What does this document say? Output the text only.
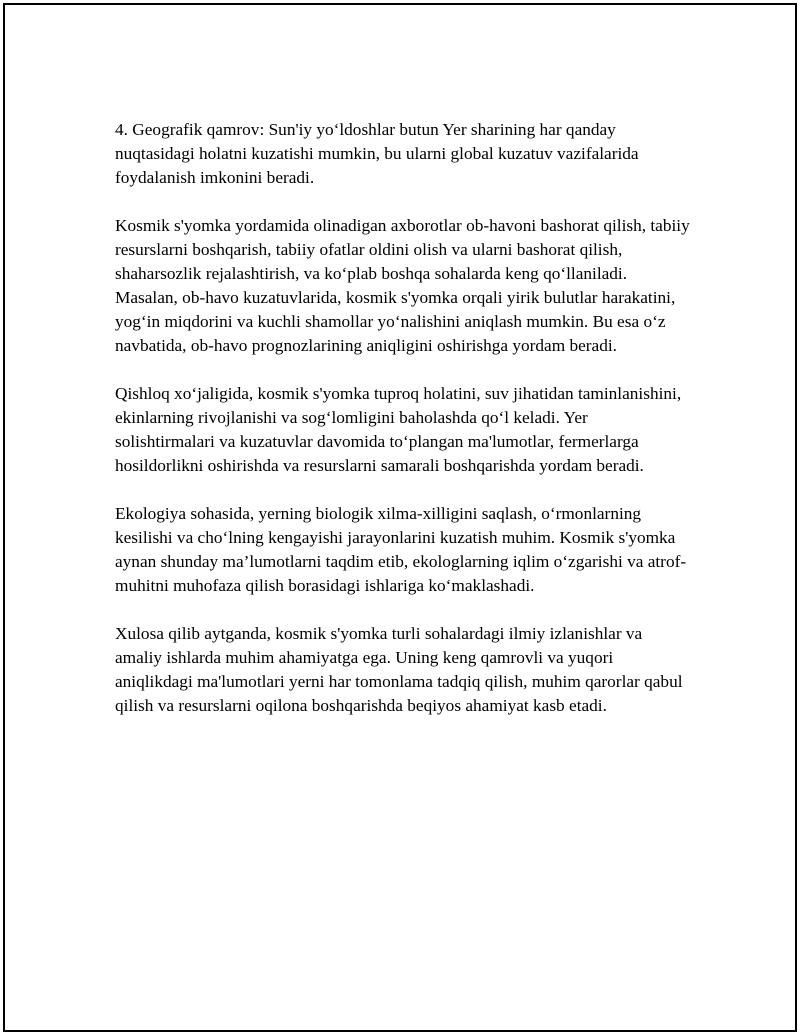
4. Geografik qamrov: Sun'iy yo‘ldoshlar butun Yer sharining har qanday nuqtasidagi holatni kuzatishi mumkin, bu ularni global kuzatuv vazifalarida foydalanish imkonini beradi.

Kosmik s'yomka yordamida olinadigan axborotlar ob-havoni bashorat qilish, tabiiy resurslarni boshqarish, tabiiy ofatlar oldini olish va ularni bashorat qilish, shaharsozlik rejalashtirish, va ko‘plab boshqa sohalarda keng qo‘llaniladi. Masalan, ob-havo kuzatuvlarida, kosmik s'yomka orqali yirik bulutlar harakatini, yog‘in miqdorini va kuchli shamollar yo‘nalishini aniqlash mumkin. Bu esa o‘z navbatida, ob-havo prognozlarining aniqligini oshirishga yordam beradi.

Qishloq xo‘jaligida, kosmik s'yomka tuproq holatini, suv jihatidan taminlanishini, ekinlarning rivojlanishi va sog‘lomligini baholashda qo‘l keladi. Yer solishtirmalari va kuzatuvlar davomida to‘plangan ma'lumotlar, fermerlarga hosildorlikni oshirishda va resurslarni samarali boshqarishda yordam beradi.

Ekologiya sohasida, yerning biologik xilma-xilligini saqlash, o‘rmonlarning kesilishi va cho‘lning kengayishi jarayonlarini kuzatish muhim. Kosmik s'yomka aynan shunday ma’lumotlarni taqdim etib, ekologlarning iqlim o‘zgarishi va atrof-muhitni muhofaza qilish borasidagi ishlariga ko‘maklashadi.

Xulosa qilib aytganda, kosmik s'yomka turli sohalardagi ilmiy izlanishlar va amaliy ishlarda muhim ahamiyatga ega. Uning keng qamrovli va yuqori aniqlikdagi ma'lumotlari yerni har tomonlama tadqiq qilish, muhim qarorlar qabul qilish va resurslarni oqilona boshqarishda beqiyos ahamiyat kasb etadi.
